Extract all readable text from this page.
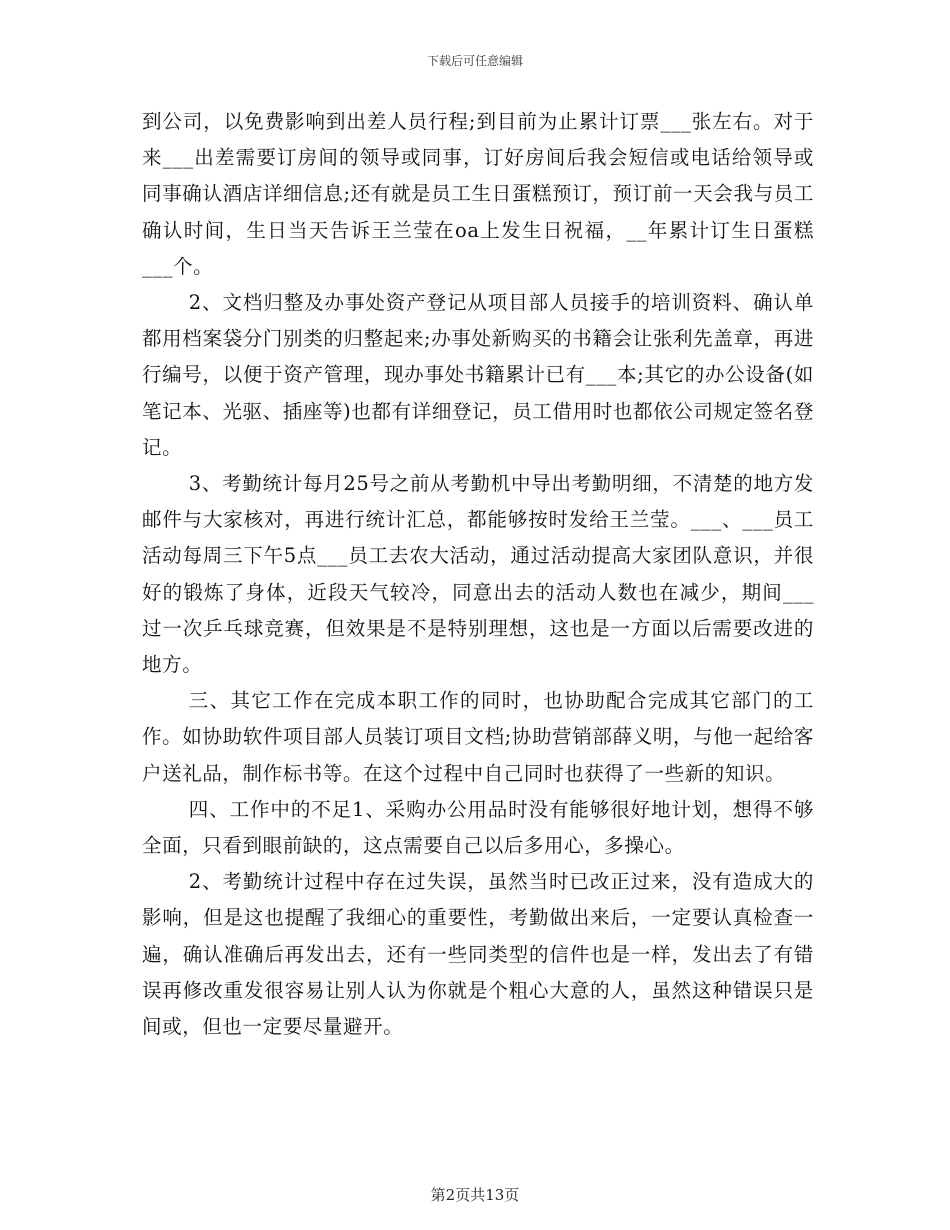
下载后可任意编辑

到公司，以免费影响到出差人员行程;到目前为止累计订票___张左右。对于来___出差需要订房间的领导或同事，订好房间后我会短信或电话给领导或同事确认酒店详细信息;还有就是员工生日蛋糕预订，预订前一天会我与员工确认时间，生日当天告诉王兰莹在oa上发生日祝福，__年累计订生日蛋糕___个。

2、文档归整及办事处资产登记从项目部人员接手的培训资料、确认单都用档案袋分门别类的归整起来;办事处新购买的书籍会让张利先盖章，再进行编号，以便于资产管理，现办事处书籍累计已有___本;其它的办公设备(如笔记本、光驱、插座等)也都有详细登记，员工借用时也都依公司规定签名登记。

3、考勤统计每月25号之前从考勤机中导出考勤明细，不清楚的地方发邮件与大家核对，再进行统计汇总，都能够按时发给王兰莹。___、___员工活动每周三下午5点___员工去农大活动，通过活动提高大家团队意识，并很好的锻炼了身体，近段天气较冷，同意出去的活动人数也在减少，期间___过一次乒乓球竞赛，但效果是不是特别理想，这也是一方面以后需要改进的地方。

三、其它工作在完成本职工作的同时，也协助配合完成其它部门的工作。如协助软件项目部人员装订项目文档;协助营销部薛义明，与他一起给客户送礼品，制作标书等。在这个过程中自己同时也获得了一些新的知识。

四、工作中的不足1、采购办公用品时没有能够很好地计划，想得不够全面，只看到眼前缺的，这点需要自己以后多用心，多操心。

2、考勤统计过程中存在过失误，虽然当时已改正过来，没有造成大的影响，但是这也提醒了我细心的重要性，考勤做出来后，一定要认真检查一遍，确认准确后再发出去，还有一些同类型的信件也是一样，发出去了有错误再修改重发很容易让别人认为你就是个粗心大意的人，虽然这种错误只是间或，但也一定要尽量避开。

第2页共13页
